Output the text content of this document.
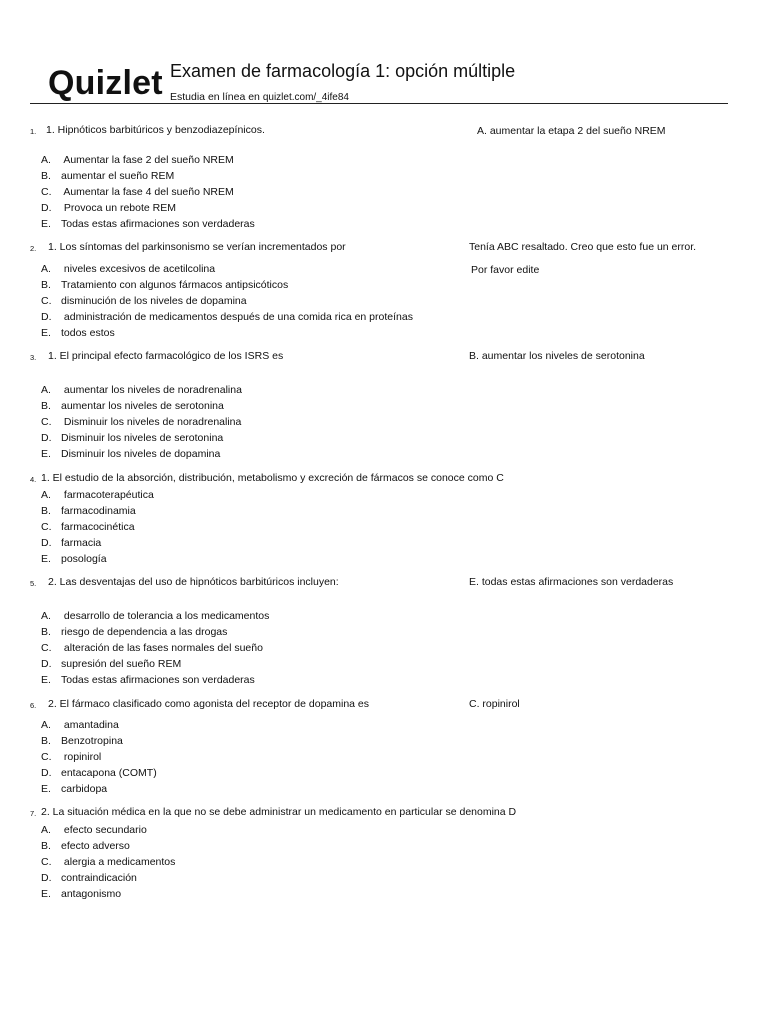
Quizlet Examen de farmacología 1: opción múltiple
Estudia en línea en quizlet.com/_4ife84
1. 1. Hipnóticos barbitúricos y benzodiazepínicos.	A. aumentar la etapa 2 del sueño NREM
A. Aumentar la fase 2 del sueño NREM
B. aumentar el sueño REM
C. Aumentar la fase 4 del sueño NREM
D. Provoca un rebote REM
E. Todas estas afirmaciones son verdaderas
2. 1. Los síntomas del parkinsonismo se verían incrementados por	Tenía ABC resaltado. Creo que esto fue un error.
Por favor edite
A. niveles excesivos de acetilcolina
B. Tratamiento con algunos fármacos antipsicóticos
C. disminución de los niveles de dopamina
D. administración de medicamentos después de una comida rica en proteínas
E. todos estos
3. 1. El principal efecto farmacológico de los ISRS es	B. aumentar los niveles de serotonina
A. aumentar los niveles de noradrenalina
B. aumentar los niveles de serotonina
C. Disminuir los niveles de noradrenalina
D. Disminuir los niveles de serotonina
E. Disminuir los niveles de dopamina
4. 1. El estudio de la absorción, distribución, metabolismo y excreción de fármacos se conoce como C
A. farmacoterapéutica
B. farmacodinamia
C. farmacocinética
D. farmacia
E. posología
5. 2. Las desventajas del uso de hipnóticos barbitúricos incluyen:	E. todas estas afirmaciones son verdaderas
A. desarrollo de tolerancia a los medicamentos
B. riesgo de dependencia a las drogas
C. alteración de las fases normales del sueño
D. supresión del sueño REM
E. Todas estas afirmaciones son verdaderas
6. 2. El fármaco clasificado como agonista del receptor de dopamina es	C. ropinirol
A. amantadina
B. Benzotropina
C. ropinirol
D. entacapona (COMT)
E. carbidopa
7. 2. La situación médica en la que no se debe administrar un medicamento en particular se denomina D
A. efecto secundario
B. efecto adverso
C. alergia a medicamentos
D. contraindicación
E. antagonismo
